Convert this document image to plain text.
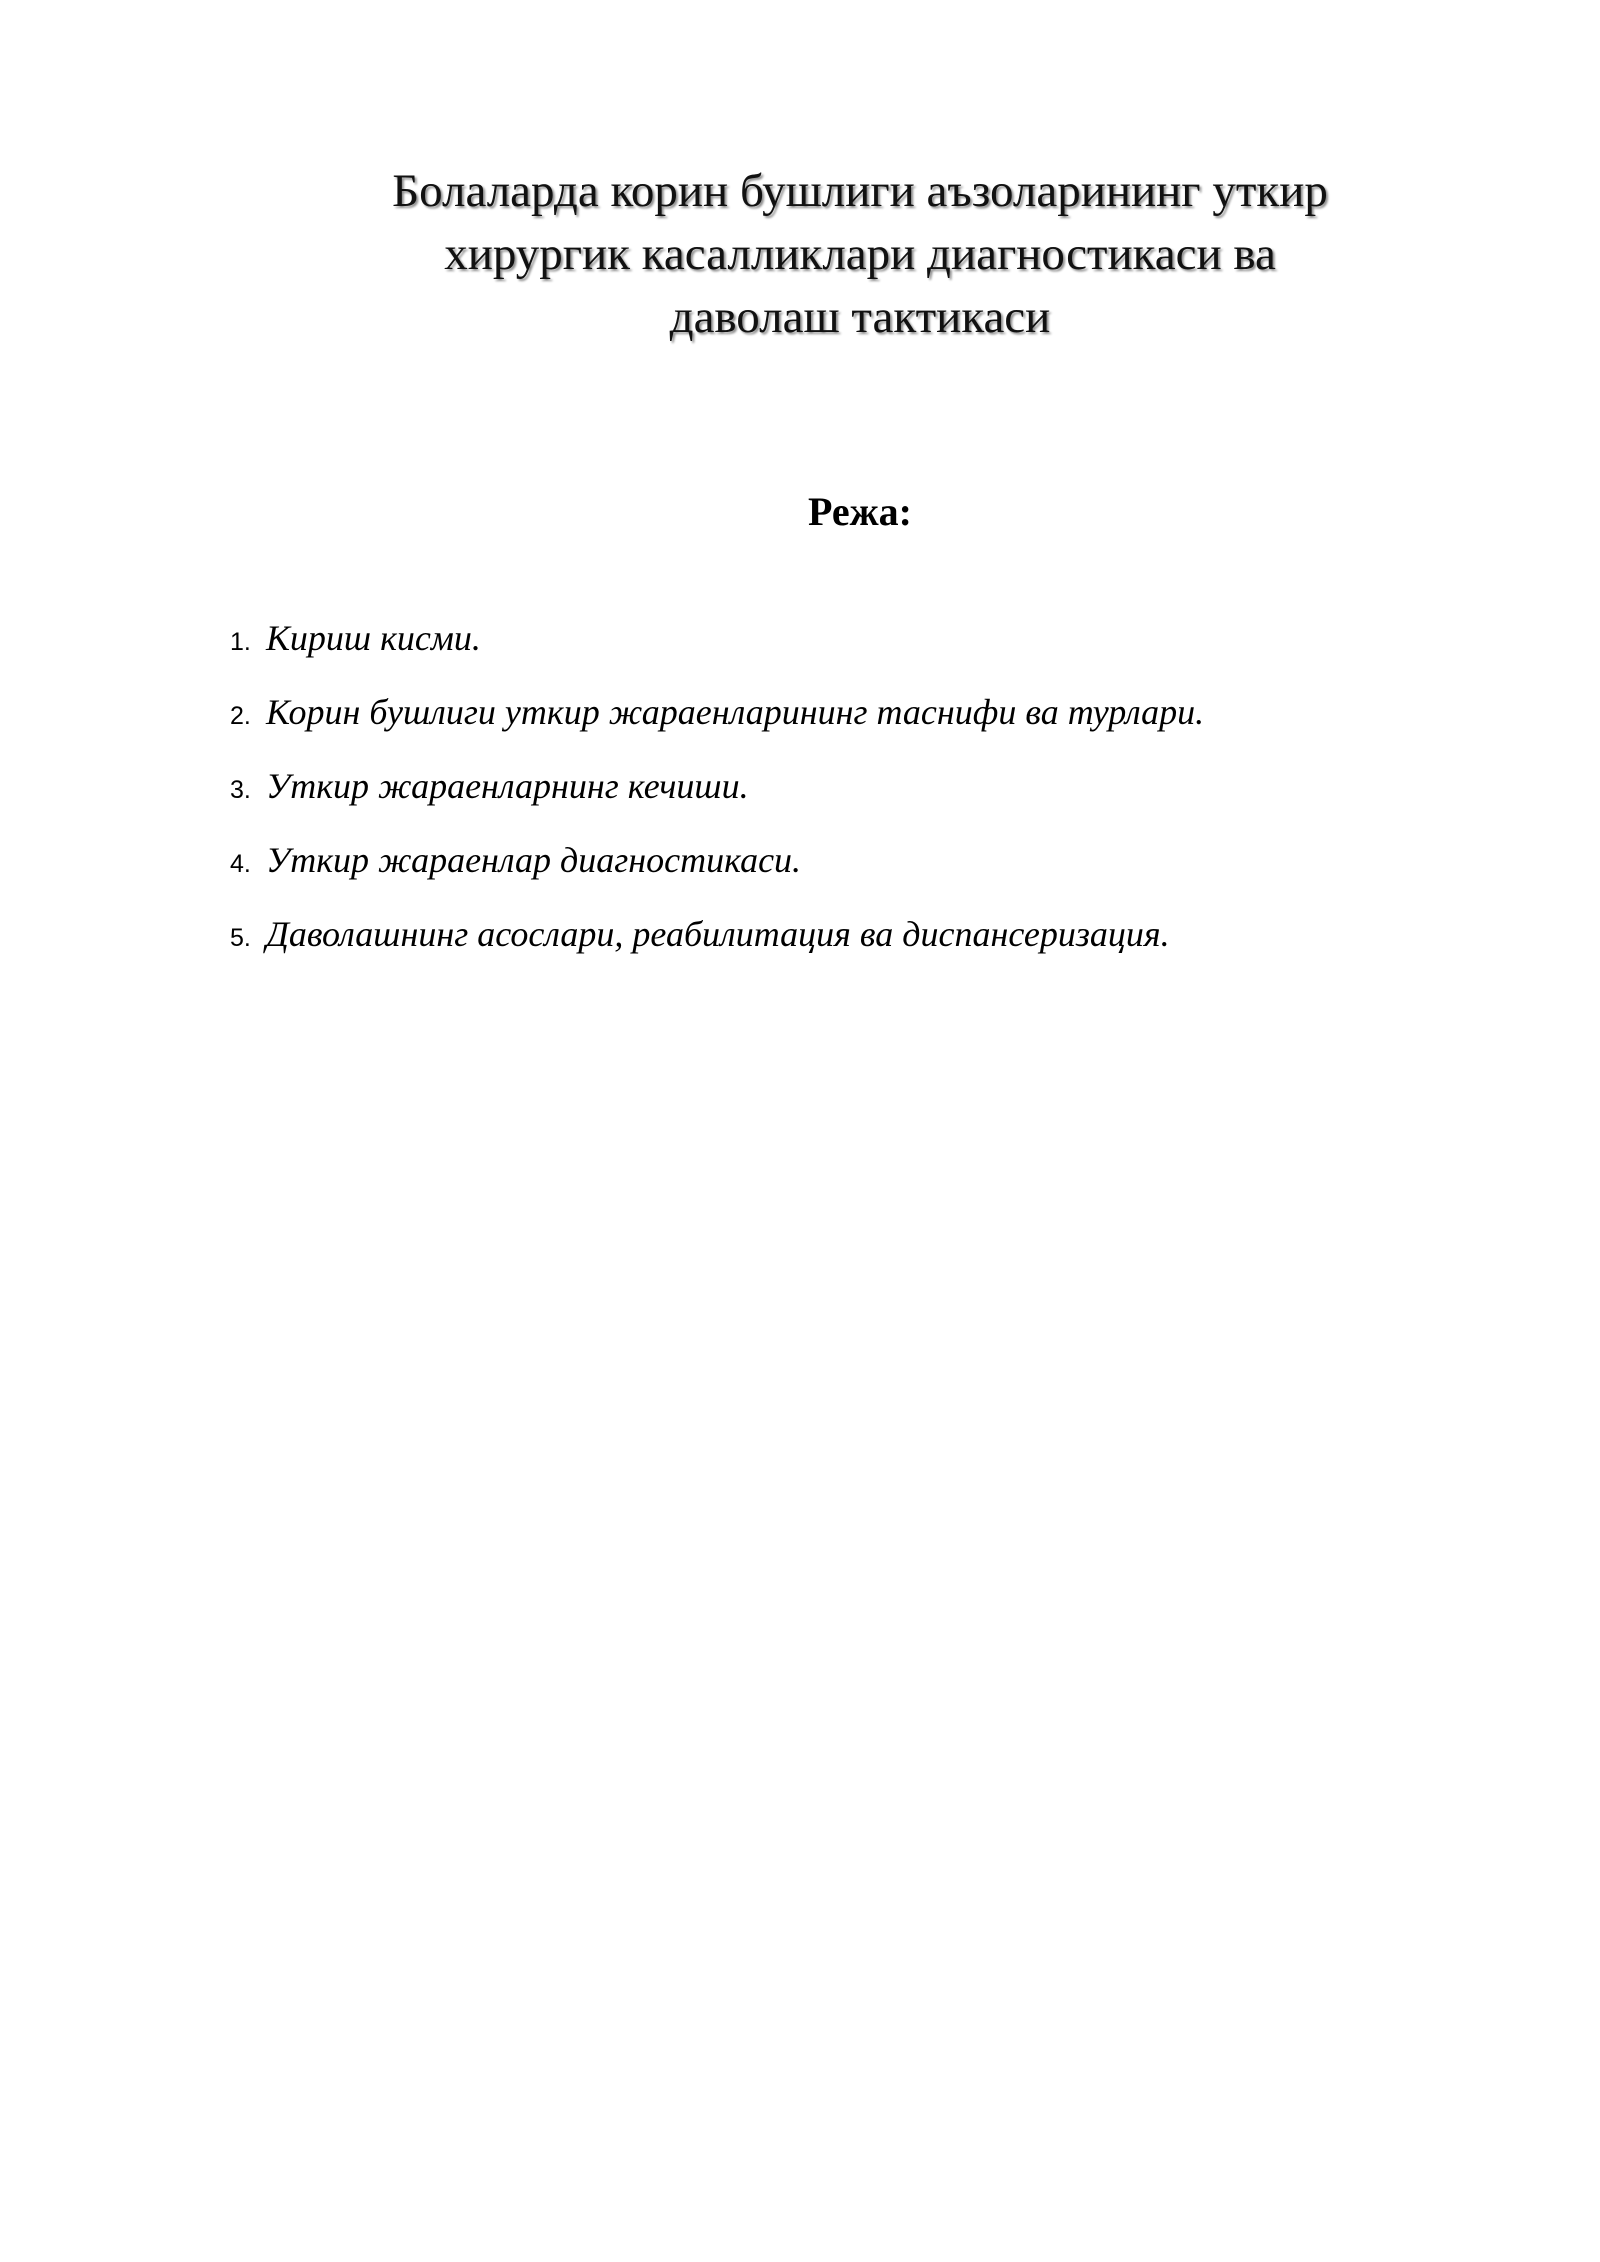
Болаларда корин бушлиги аъзоларининг уткир
хирургик касалликлари диагностикаси ва
даволаш тактикаси
Режа:
1. Кириш кисми.
2. Корин бушлиги уткир жараенларининг таснифи ва турлари.
3. Уткир жараенларнинг кечиши.
4. Уткир жараенлар диагностикаси.
5. Даволашнинг асослари, реабилитация ва диспансеризация.
